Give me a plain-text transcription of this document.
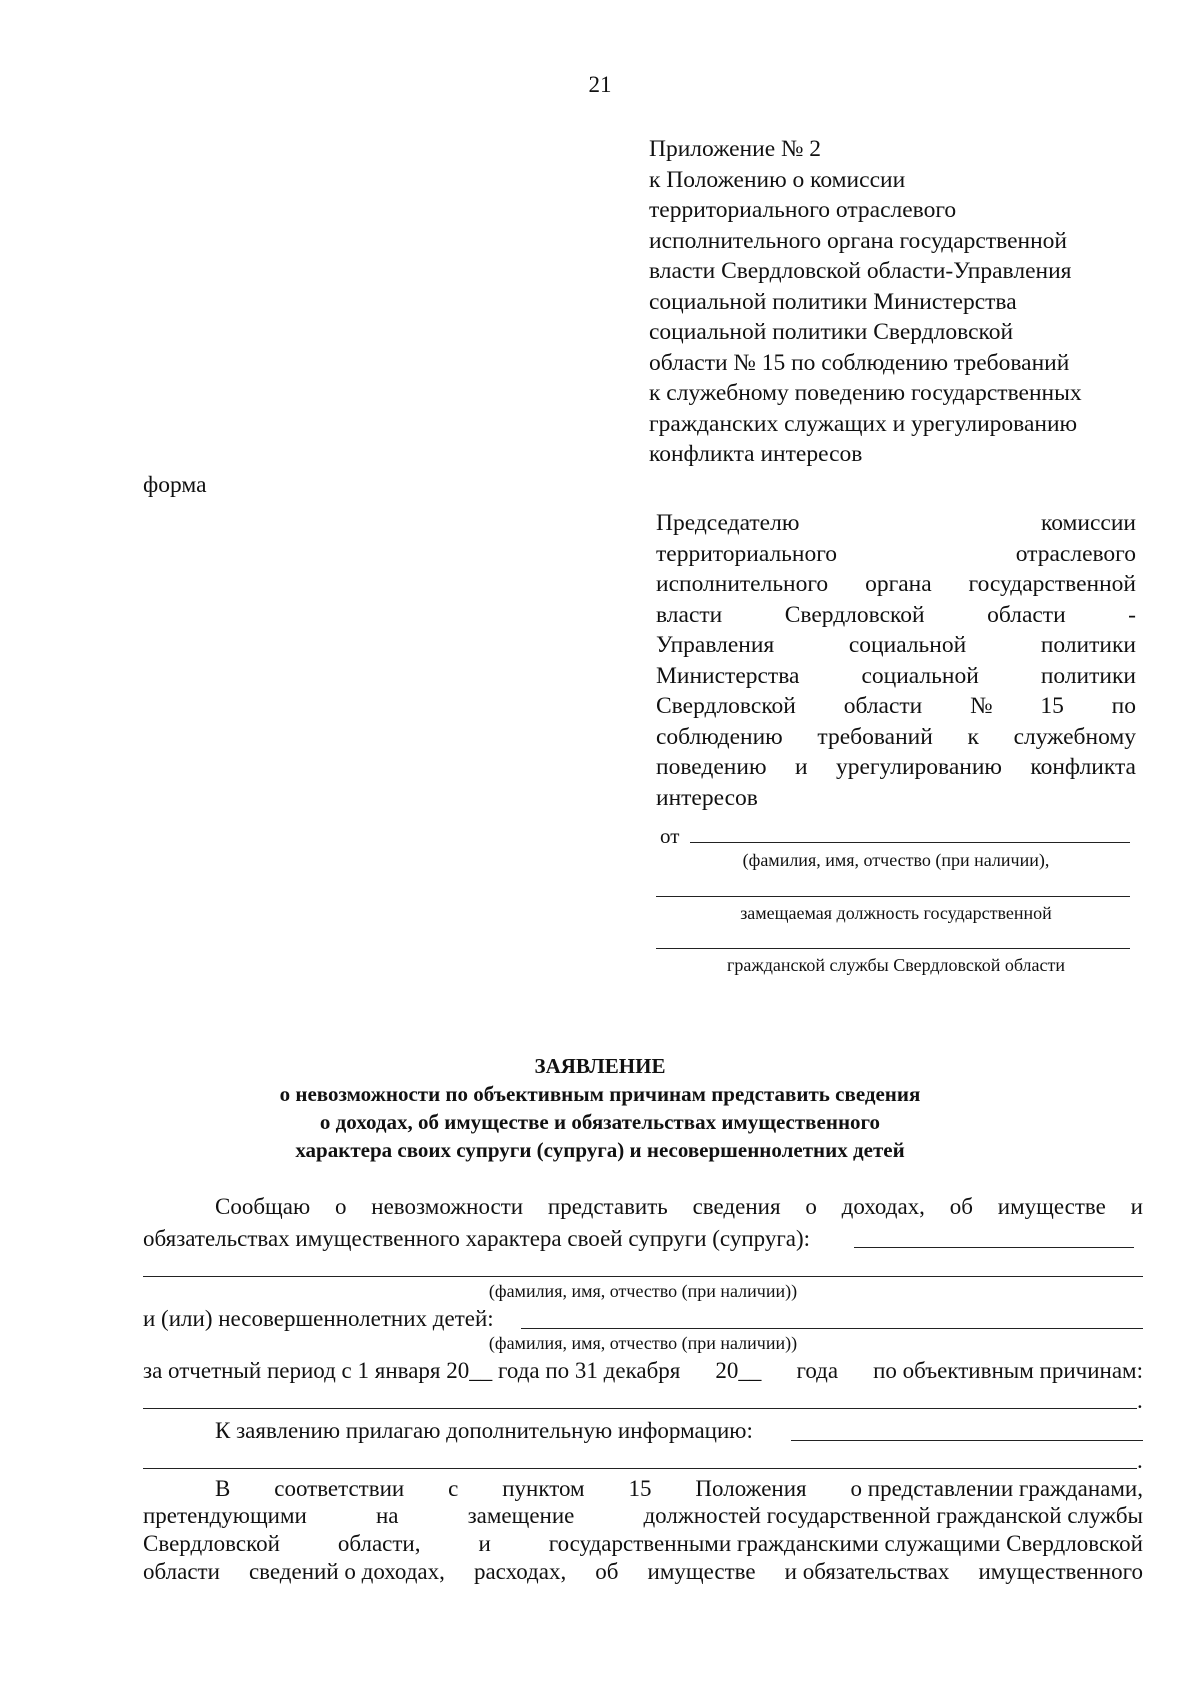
21
Приложение № 2
к Положению о комиссии
территориального отраслевого
исполнительного органа государственной
власти Свердловской области-Управления
социальной политики Министерства
социальной политики Свердловской
области № 15 по соблюдению требований
к служебному поведению государственных
гражданских служащих и урегулированию
конфликта интересов
форма
Председателю	комиссии
территориального	отраслевого
исполнительного органа государственной
власти	Свердловской	области	-
Управления	социальной	политики
Министерства	социальной	политики
Свердловской области № 15 по
соблюдению требований к служебному
поведению и урегулированию конфликта
интересов
от
(фамилия, имя, отчество (при наличии),
замещаемая должность государственной
гражданской службы Свердловской области
ЗАЯВЛЕНИЕ
о невозможности по объективным причинам представить сведения
о доходах, об имуществе и обязательствах имущественного
характера своих супруги (супруга) и несовершеннолетних детей
Сообщаю о невозможности представить сведения о доходах, об имуществе и
обязательствах имущественного характера своей супруги (супруга):
(фамилия, имя, отчество (при наличии))
и (или) несовершеннолетних детей:
(фамилия, имя, отчество (при наличии))
за отчетный период с 1 января 20__ года по 31 декабря 20__ года по объективным причинам:
.
К заявлению прилагаю дополнительную информацию:
.
В соответствии с пунктом 15 Положения о представлении гражданами,
претендующими	на	замещение	должностей государственной гражданской службы
Свердловской	области,	и	государственными гражданскими служащими Свердловской
области сведений о доходах, расходах, об имуществе и обязательствах имущественного
